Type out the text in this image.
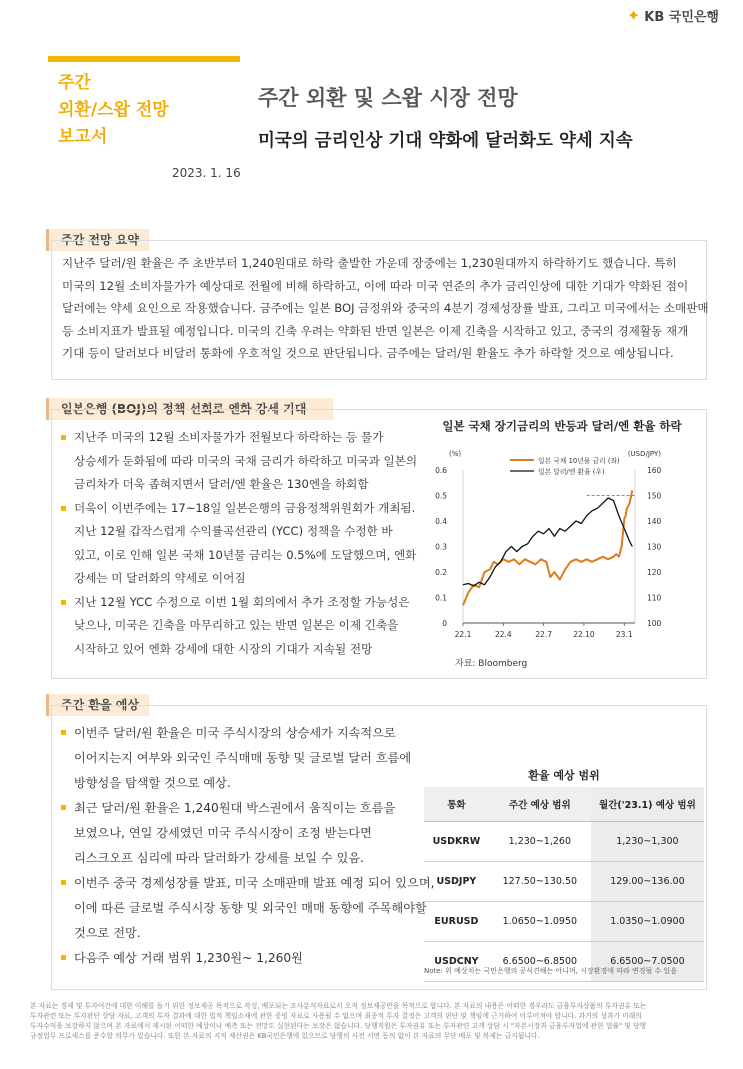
✦ KB 국민은행
주간
외환/스왑 전망
보고서
2023. 1. 16
주간 외환 및 스왑 시장 전망
미국의 금리인상 기대 약화에 달러화도 약세 지속
주간 전망 요약
지난주 달러/원 환율은 주 초반부터 1,240원대로 하락 출발한 가운데 장중에는 1,230원대까지 하락하기도 했습니다. 특히
미국의 12월 소비자물가가 예상대로 전월에 비해 하락하고, 이에 따라 미국 연준의 추가 금리인상에 대한 기대가 약화된 점이
달러에는 약세 요인으로 작용했습니다. 금주에는 일본 BOJ 금정위와 중국의 4분기 경제성장률 발표, 그리고 미국에서는 소매판매
등 소비지표가 발표될 예정입니다. 미국의 긴축 우려는 약화된 반면 일본은 이제 긴축을 시작하고 있고, 중국의 경제활동 재개
기대 등이 달러보다 비달러 통화에 우호적일 것으로 판단됩니다. 금주에는 달러/원 환율도 추가 하락할 것으로 예상됩니다.
일본은행 (BOJ)의 정책 선회로 엔화 강세 기대
지난주 미국의 12월 소비자물가가 전월보다 하락하는 등 물가
상승세가 둔화됨에 따라 미국의 국채 금리가 하락하고 미국과 일본의
금리차가 더욱 좁혀지면서 달러/엔 환율은 130엔을 하회함
더욱이 이번주에는 17~18일 일본은행의 금융정책위원회가 개최됨.
지난 12월 갑작스럽게 수익률곡선관리 (YCC) 정책을 수정한 바
있고, 이로 인해 일본 국채 10년물 금리는 0.5%에 도달했으며, 엔화
강세는 미 달러화의 약세로 이어짐
지난 12월 YCC 수정으로 이번 1월 회의에서 추가 조정할 가능성은
낮으나, 미국은 긴축을 마무리하고 있는 반면 일본은 이제 긴축을
시작하고 있어 엔화 강세에 대한 시장의 기대가 지속될 전망
일본 국채 장기금리의 반등과 달러/엔 환율 하락
(%)	(USD/JPY)
0
0.1
0.2
0.3
0.4
0.5
0.6
100
110
120
130
140
150
160
22.1	22.4	22.7	22.10	23.1
일본 국채 10년물 금리 (좌)
일본 달러/엔 환율 (우)
자료: Bloomberg
주간 환율 예상
이번주 달러/원 환율은 미국 주식시장의 상승세가 지속적으로
이어지는지 여부와 외국인 주식매매 동향 및 글로벌 달러 흐름에
방향성을 탐색할 것으로 예상.
최근 달러/원 환율은 1,240원대 박스권에서 움직이는 흐름을
보였으나, 연일 강세였던 미국 주식시장이 조정 받는다면
리스크오프 심리에 따라 달러화가 강세를 보일 수 있음.
이번주 중국 경제성장률 발표, 미국 소매판매 발표 예정 되어 있으며,
이에 따른 글로벌 주식시장 동향 및 외국인 매매 동향에 주목해야할
것으로 전망.
다음주 예상 거래 범위 1,230원~ 1,260원
환율 예상 범위
통화	주간 예상 범위	월간('23.1) 예상 범위
USDKRW	1,230~1,260	1,230~1,300
USDJPY	127.50~130.50	129.00~136.00
EURUSD	1.0650~1.0950	1.0350~1.0900
USDCNY	6.6500~6.8500	6.6500~7.0500
Note: 위 예상치는 국민은행의 공식견해는 아니며, 시장환경에 따라 변경될 수 있음
본 자료는 경제 및 투자여건에 대한 이해를 돕기 위한 정보제공 목적으로 작성, 배포되는 조사분석자료로서 오직 정보제공만을 목적으로 합니다. 본 자료의 내용은 어떠한 경우라도 금융투자상품의 투자권유 또는
투자관련 또는 투자판단 상담 자료, 고객의 투자 결과에 대한 법적 책임소재에 관한 증빙 자료로 사용될 수 없으며 최종적 투자 결정은 고객의 판단 및 책임에 근거하여 이루어져야 합니다. 과거의 성과가 미래의
투자수익을 보장하지 않으며 본 자료에서 제시된 어떠한 예상이나 예측 또는 전망도 실현된다는 보장은 없습니다. 당행직원은 투자권유 또는 투자관련 고객 상담 시 "자본시장과 금융투자업에 관한 법률" 및 당행
규정업무 프로세스를 준수할 의무가 있습니다. 또한 본 자료의 지적 재산권은 KB국민은행에 있으므로 당행의 사전 서면 동의 없이 본 자료의 무단 배포 및 복제는 금지됩니다.
